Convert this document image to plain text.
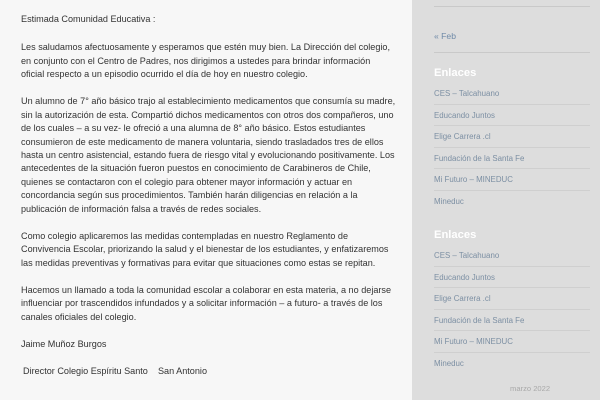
Estimada Comunidad Educativa :

Les saludamos afectuosamente y esperamos que estén muy bien. La Dirección del colegio, en conjunto con el Centro de Padres, nos dirigimos a ustedes para brindar información oficial respecto a un episodio ocurrido el día de hoy en nuestro colegio.

Un alumno de 7° año básico trajo al establecimiento medicamentos que consumía su madre, sin la autorización de esta. Compartió dichos medicamentos con otros dos compañeros, uno de los cuales – a su vez- le ofreció a una alumna de 8° año básico. Estos estudiantes consumieron de este medicamento de manera voluntaria, siendo trasladados tres de ellos hasta un centro asistencial, estando fuera de riesgo vital y evolucionando positivamente. Los antecedentes de la situación fueron puestos en conocimiento de Carabineros de Chile, quienes se contactaron con el colegio para obtener mayor información y actuar en concordancia según sus procedimientos. También harán diligencias en relación a la publicación de información falsa a través de redes sociales.

Como colegio aplicaremos las medidas contempladas en nuestro Reglamento de Convivencia Escolar, priorizando la salud y el bienestar de los estudiantes, y enfatizaremos las medidas preventivas y formativas para evitar que situaciones como estas se repitan.

Hacemos un llamado a toda la comunidad escolar a colaborar en esta materia, a no dejarse influenciar por trascendidos infundados y a solicitar información – a futuro- a través de los canales oficiales del colegio.

Jaime Muñoz Burgos

Director Colegio Espíritu Santo    San Antonio

« Feb
Enlaces
CES – Talcahuano
Educando Juntos
Elige Carrera .cl
Fundación de la Santa Fe
Mi Futuro – MINEDUC
Mineduc
Enlaces
CES – Talcahuano
Educando Juntos
Elige Carrera .cl
Fundación de la Santa Fe
Mi Futuro – MINEDUC
Mineduc
marzo 2022
